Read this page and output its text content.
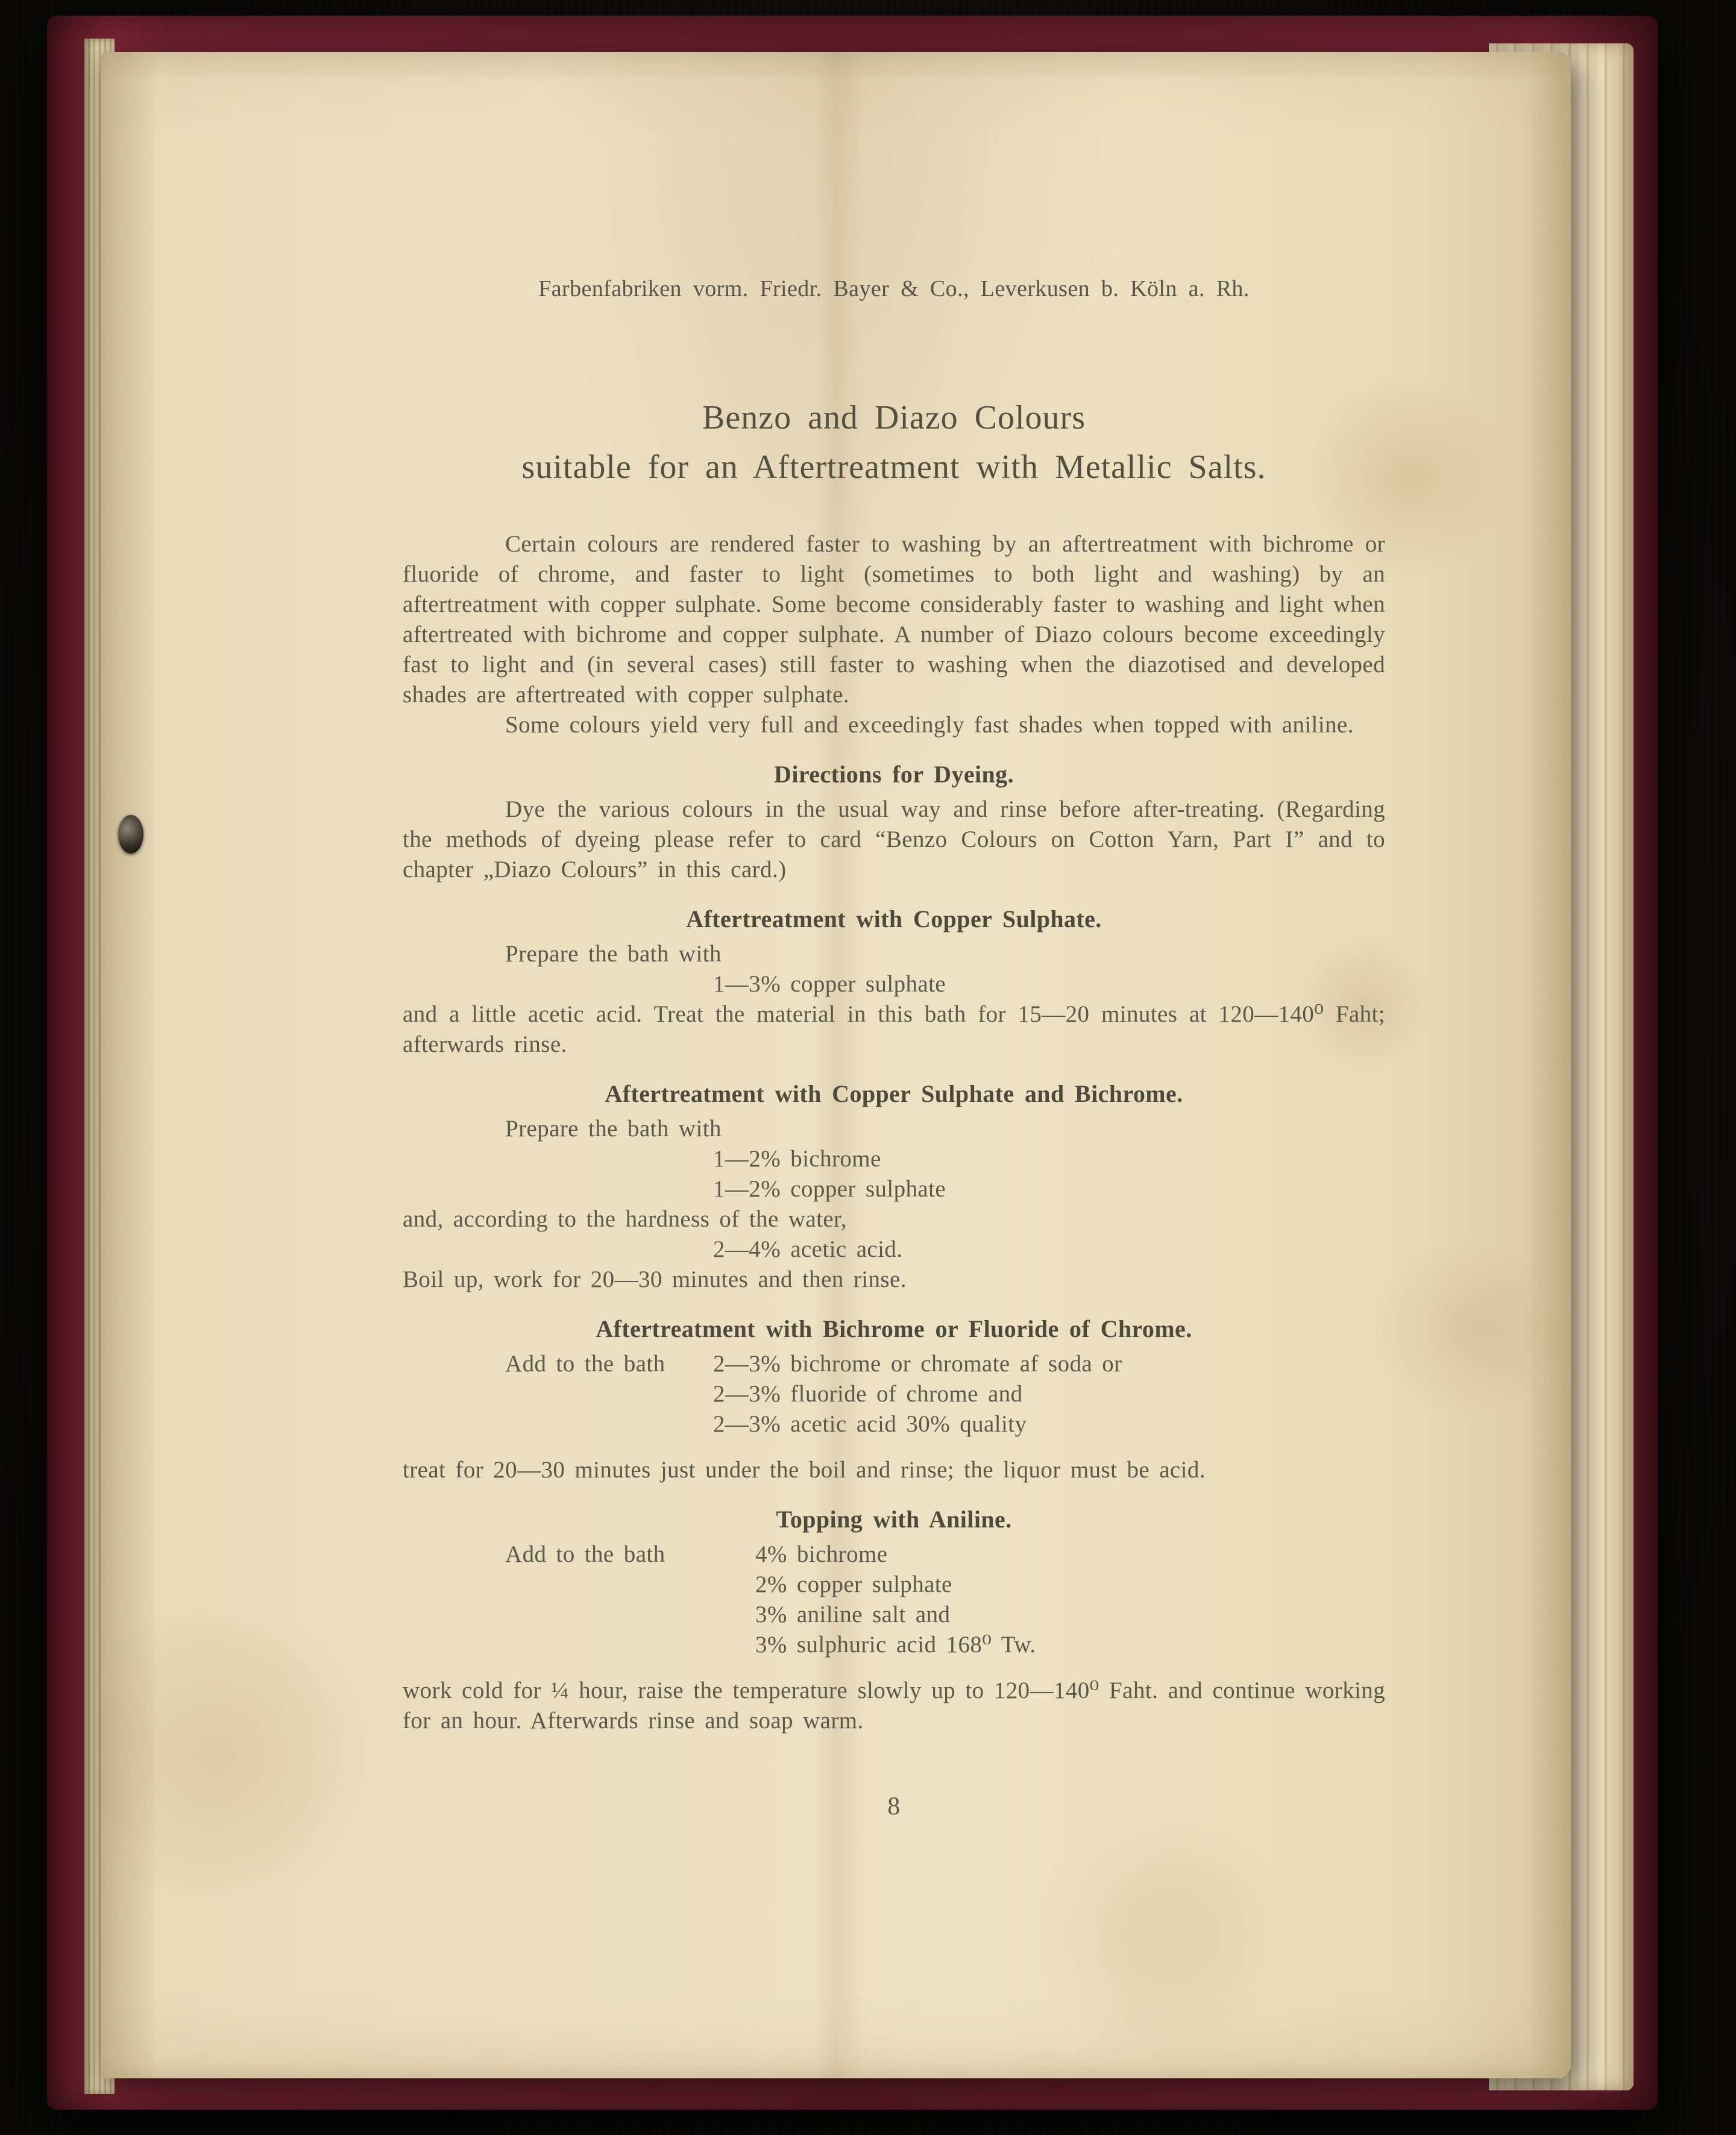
Farbenfabriken vorm. Friedr. Bayer & Co., Leverkusen b. Köln a. Rh.
Benzo and Diazo Colours
suitable for an Aftertreatment with Metallic Salts.

Certain colours are rendered faster to washing by an aftertreatment with bichrome or fluoride of chrome, and faster to light (sometimes to both light and washing) by an aftertreatment with copper sulphate. Some become considerably faster to washing and light when aftertreated with bichrome and copper sulphate. A number of Diazo colours become exceedingly fast to light and (in several cases) still faster to washing when the diazotised and developed shades are aftertreated with copper sulphate.

Some colours yield very full and exceedingly fast shades when topped with aniline.

Directions for Dyeing.

Dye the various colours in the usual way and rinse before after-treating. (Regarding the methods of dyeing please refer to card “Benzo Colours on Cotton Yarn, Part I” and to chapter „Diazo Colours” in this card.)

Aftertreatment with Copper Sulphate.
Prepare the bath with
1—3% copper sulphate

and a little acetic acid. Treat the material in this bath for 15—20 minutes at 120—140⁰ Faht; afterwards rinse.

Aftertreatment with Copper Sulphate and Bichrome.
Prepare the bath with
1—2% bichrome
1—2% copper sulphate
and, according to the hardness of the water,
2—4% acetic acid.
Boil up, work for 20—30 minutes and then rinse.
Aftertreatment with Bichrome or Fluoride of Chrome.
Add to the bath	2—3% bichrome or chromate af soda or
2—3% fluoride of chrome and
2—3% acetic acid 30% quality

treat for 20—30 minutes just under the boil and rinse; the liquor must be acid.

Topping with Aniline.
Add to the bath	4% bichrome
2% copper sulphate
3% aniline salt and
3% sulphuric acid 168⁰ Tw.

work cold for ¼ hour, raise the temperature slowly up to 120—140⁰ Faht. and continue working for an hour. Afterwards rinse and soap warm.

8
